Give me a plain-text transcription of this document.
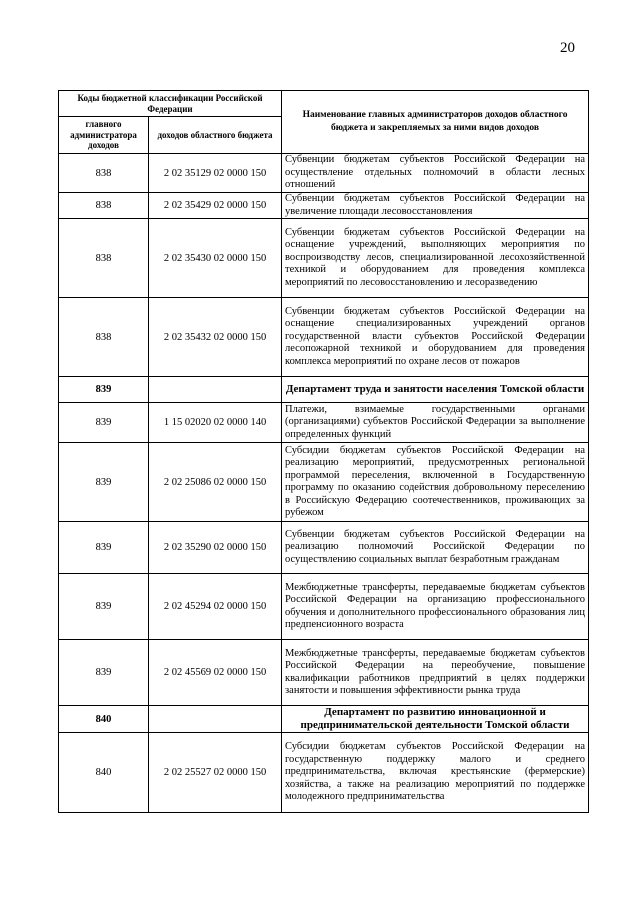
20
Коды бюджетной классификации Российской Федерации		Наименование главных администраторов доходов областного бюджета и закрепляемых за ними видов доходов
главного администратора доходов	доходов областного бюджета	
838	2 02 35129 02 0000 150	Субвенции бюджетам субъектов Российской Федерации на осуществление отдельных полномочий в области лесных отношений
838	2 02 35429 02 0000 150	Субвенции бюджетам субъектов Российской Федерации на увеличение площади лесовосстановления
838	2 02 35430 02 0000 150	Субвенции бюджетам субъектов Российской Федерации на оснащение учреждений, выполняющих мероприятия по воспроизводству лесов, специализированной лесохозяйственной техникой и оборудованием для проведения комплекса мероприятий по лесовосстановлению и лесоразведению
838	2 02 35432 02 0000 150	Субвенции бюджетам субъектов Российской Федерации на оснащение специализированных учреждений органов государственной власти субъектов Российской Федерации лесопожарной техникой и оборудованием для проведения комплекса мероприятий по охране лесов от пожаров
839		Департамент труда и занятости населения Томской области
839	1 15 02020 02 0000 140	Платежи, взимаемые государственными органами (организациями) субъектов Российской Федерации за выполнение определенных функций
839	2 02 25086 02 0000 150	Субсидии бюджетам субъектов Российской Федерации на реализацию мероприятий, предусмотренных региональной программой переселения, включенной в Государственную программу по оказанию содействия добровольному переселению в Российскую Федерацию соотечественников, проживающих за рубежом
839	2 02 35290 02 0000 150	Субвенции бюджетам субъектов Российской Федерации на реализацию полномочий Российской Федерации по осуществлению социальных выплат безработным гражданам
839	2 02 45294 02 0000 150	Межбюджетные трансферты, передаваемые бюджетам субъектов Российской Федерации на организацию профессионального обучения и дополнительного профессионального образования лиц предпенсионного возраста
839	2 02 45569 02 0000 150	Межбюджетные трансферты, передаваемые бюджетам субъектов Российской Федерации на переобучение, повышение квалификации работников предприятий в целях поддержки занятости и повышения эффективности рынка труда
840		Департамент по развитию инновационной и предпринимательской деятельности Томской области
840	2 02 25527 02 0000 150	Субсидии бюджетам субъектов Российской Федерации на государственную поддержку малого и среднего предпринимательства, включая крестьянские (фермерские) хозяйства, а также на реализацию мероприятий по поддержке молодежного предпринимательства
